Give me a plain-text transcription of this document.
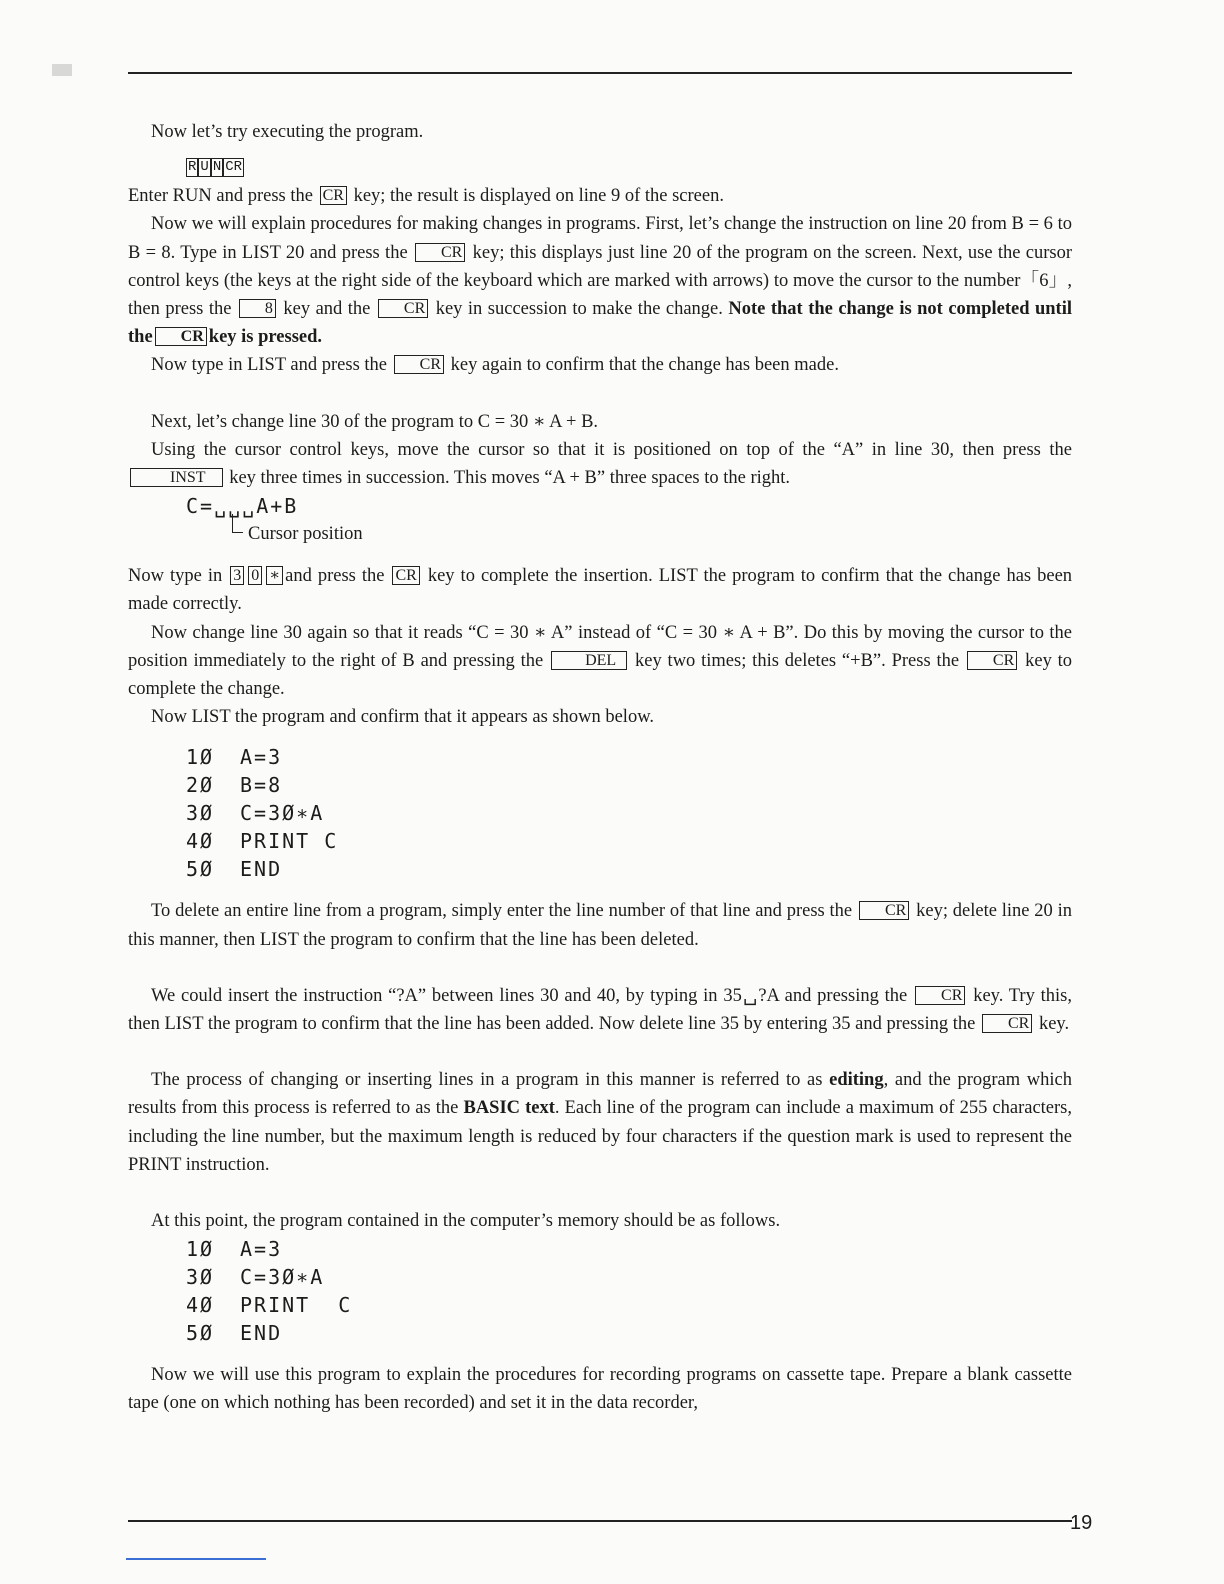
Now let’s try executing the program.

R U N CR

Enter RUN and press the CR key; the result is displayed on line 9 of the screen.

Now we will explain procedures for making changes in programs. First, let’s change the instruction on line 20 from B = 6 to B = 8. Type in LIST 20 and press the CR key; this displays just line 20 of the program on the screen. Next, use the cursor control keys (the keys at the right side of the keyboard which are marked with arrows) to move the cursor to the number「6」, then press the 8 key and the CR key in succession to make the change. Note that the change is not completed until the CR key is pressed.

Now type in LIST and press the CR key again to confirm that the change has been made.

Next, let’s change line 30 of the program to C = 30 ∗ A + B.

Using the cursor control keys, move the cursor so that it is positioned on top of the “A” in line 30, then press the INST key three times in succession. This moves “A + B” three spaces to the right.

C=␣␣␣A+B
Cursor position

Now type in 3 0 ∗ and press the CR key to complete the insertion. LIST the program to confirm that the change has been made correctly.

Now change line 30 again so that it reads “C = 30 ∗ A” instead of “C = 30 ∗ A + B”. Do this by moving the cursor to the position immediately to the right of B and pressing the	DEL key two times; this deletes “+B”. Press the CR key to complete the change.

Now LIST the program and confirm that it appears as shown below.

1Ø A=3
2Ø B=8
3Ø C=3Ø∗A
4Ø PRINT C
5Ø END

To delete an entire line from a program, simply enter the line number of that line and press the CR key; delete line 20 in this manner, then LIST the program to confirm that the line has been deleted.

We could insert the instruction “?A” between lines 30 and 40, by typing in 35␣?A and pressing the CR key. Try this, then LIST the program to confirm that the line has been added. Now delete line 35 by entering 35 and pressing the CR key.

The process of changing or inserting lines in a program in this manner is referred to as editing, and the program which results from this process is referred to as the BASIC text. Each line of the program can include a maximum of 255 characters, including the line number, but the maximum length is reduced by four characters if the question mark is used to represent the PRINT instruction.

At this point, the program contained in the computer’s memory should be as follows.

1Ø A=3
3Ø C=3Ø∗A
4Ø PRINT  C
5Ø END

Now we will use this program to explain the procedures for recording programs on cassette tape. Prepare a blank cassette tape (one on which nothing has been recorded) and set it in the data recorder,

19
